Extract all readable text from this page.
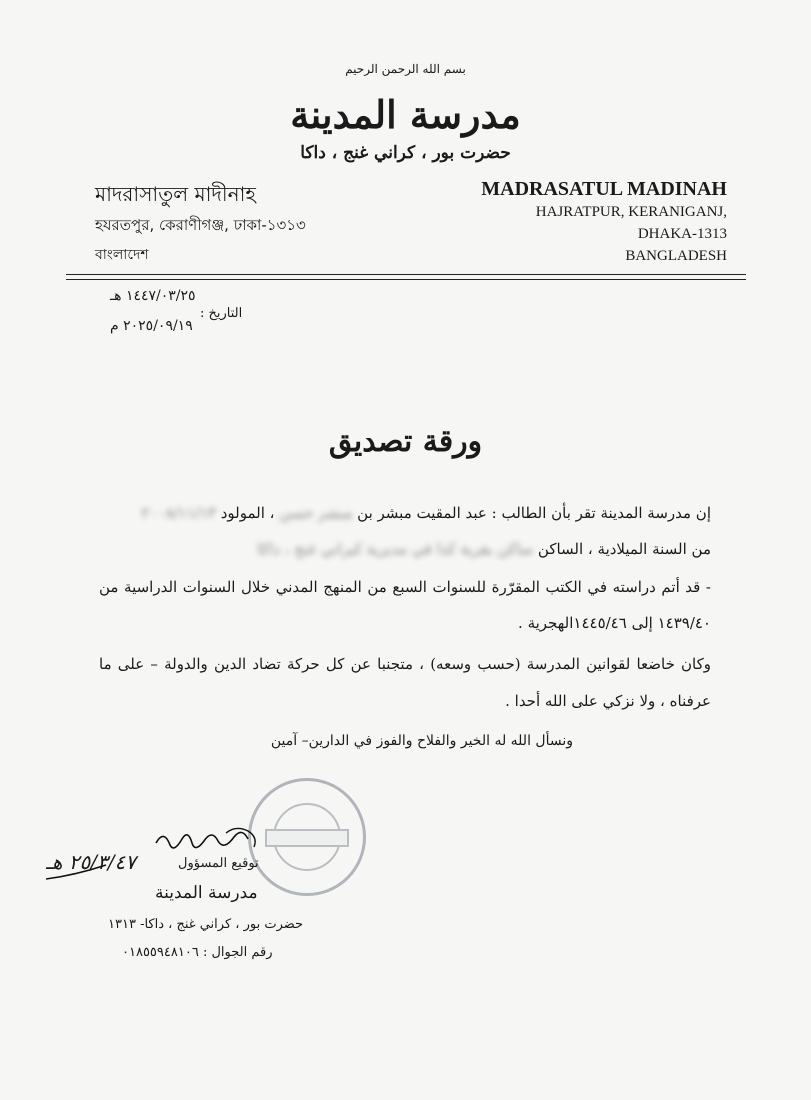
بسم الله الرحمن الرحيم
مدرسة المدينة
حضرت بور ، كراني غنج ، داكا
মাদরাসাতুল মাদীনাহ
হযরতপুর, কেরাণীগঞ্জ, ঢাকা-১৩১৩
বাংলাদেশ
MADRASATUL MADINAH
HAJRATPUR, KERANIGANJ,
DHAKA-1313
BANGLADESH
التاريخ :
١٤٤٧/٠٣/٢٥ هـ
٢٠٢٥/٠٩/١٩ م
ورقة تصديق
إن مدرسة المدينة تقر بأن الطالب : عبد المقيت مبشر بن مبشر حسن ، المولود ٢٠٠٨/١١/١٣
من السنة الميلادية ، الساكن ساكن بقرية كذا في مديرية كيراني غنج ، داكا
- قد أتم دراسته في الكتب المقرّرة للسنوات السبع من المنهج المدني خلال السنوات الدراسية من
١٤٣٩/٤٠ إلى ١٤٤٥/٤٦الهجرية .
وكان خاضعا لقوانين المدرسة (حسب وسعه) ، متجنبا عن كل حركة تضاد الدين والدولة – على ما
عرفناه ، ولا نزكي على الله أحدا .
ونسأل الله له الخير والفلاح والفوز في الدارين– آمين
عرفان الحق
٢٥/٣/٤٧ هـ	توقيع المسؤول
مدرسة المدينة
حضرت بور ، كراني غنج ، داكا- ١٣١٣
رقم الجوال : ٠١٨٥٥٩٤٨١٠٦
